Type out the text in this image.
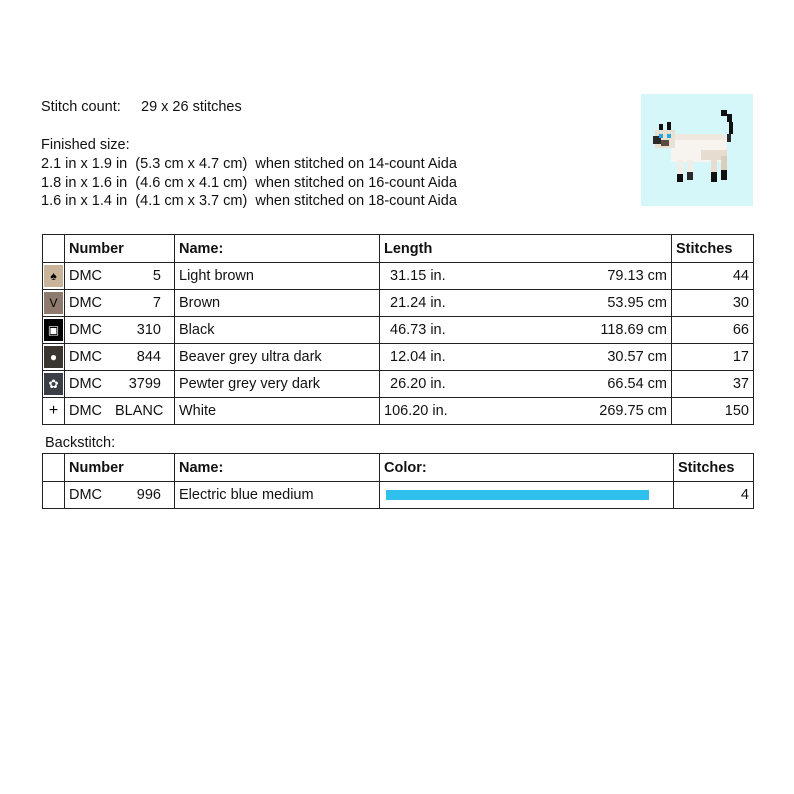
Stitch count: 29 x 26 stitches
Finished size:
2.1 in x 1.9 in  (5.3 cm x 4.7 cm)  when stitched on 14-count Aida
1.8 in x 1.6 in  (4.6 cm x 4.1 cm)  when stitched on 16-count Aida
1.6 in x 1.4 in  (4.1 cm x 3.7 cm)  when stitched on 18-count Aida
	Number	Name:	Length	Stitches

♠	DMC 5	Light brown	31.15 in. 79.13 cm	44

V	DMC 7	Brown	21.24 in. 53.95 cm	30

▣	DMC 310	Black	46.73 in. 118.69 cm	66

●	DMC 844	Beaver grey ultra dark	12.04 in. 30.57 cm	17

✿	DMC 3799	Pewter grey very dark	26.20 in. 66.54 cm	37

+	DMC BLANC	White	106.20 in. 269.75 cm	150
Backstitch:
	Number	Name:	Color:	Stitches

	DMC 996	Electric blue medium		4
